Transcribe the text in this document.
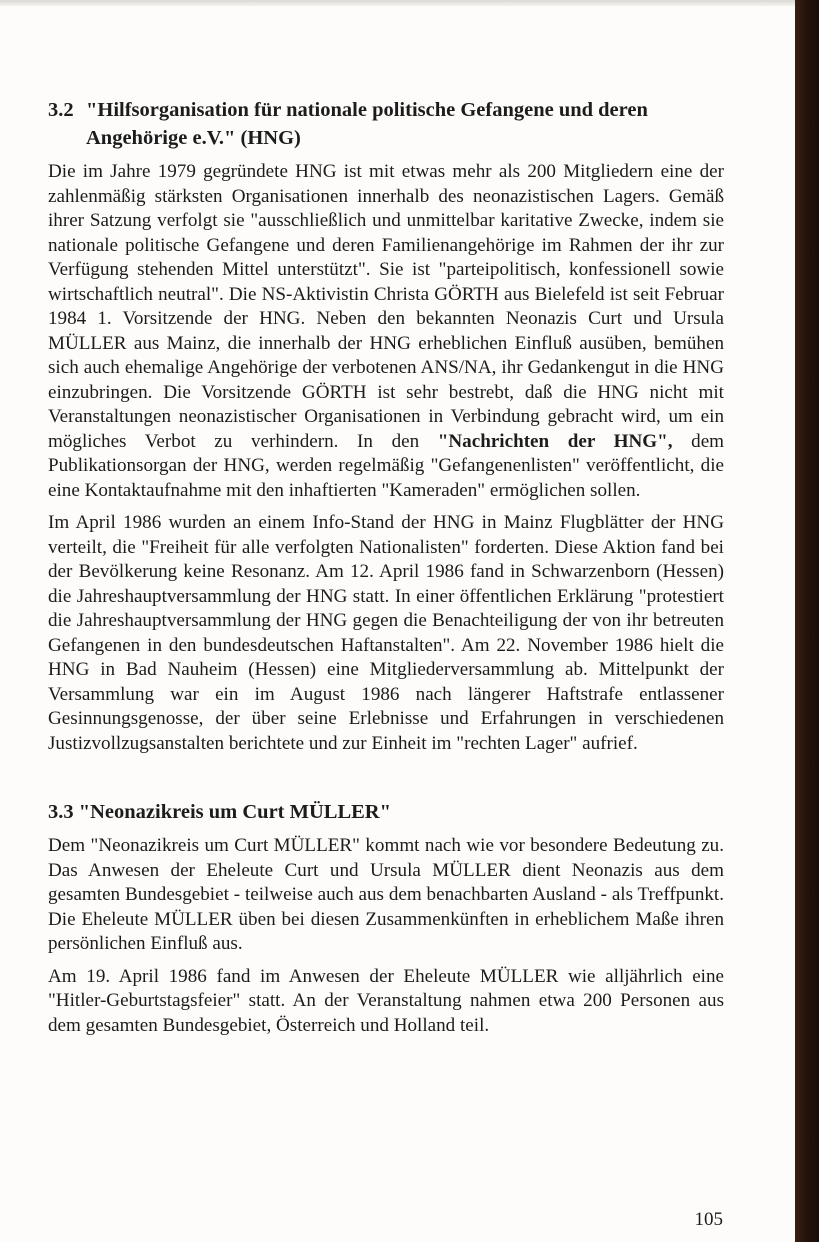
3.2 "Hilfsorganisation für nationale politische Gefangene und deren Angehörige e.V." (HNG)

Die im Jahre 1979 gegründete HNG ist mit etwas mehr als 200 Mitgliedern eine der zahlenmäßig stärksten Organisationen innerhalb des neonazistischen Lagers. Gemäß ihrer Satzung verfolgt sie "ausschließlich und unmittelbar karitative Zwecke, indem sie nationale politische Gefangene und deren Familienangehörige im Rahmen der ihr zur Verfügung stehenden Mittel unterstützt". Sie ist "parteipolitisch, konfessionell sowie wirtschaftlich neutral". Die NS-Aktivistin Christa GÖRTH aus Bielefeld ist seit Februar 1984 1. Vorsitzende der HNG. Neben den bekannten Neonazis Curt und Ursula MÜLLER aus Mainz, die innerhalb der HNG erheblichen Einfluß ausüben, bemühen sich auch ehemalige Angehörige der verbotenen ANS/NA, ihr Gedankengut in die HNG einzubringen. Die Vorsitzende GÖRTH ist sehr bestrebt, daß die HNG nicht mit Veranstaltungen neonazistischer Organisationen in Verbindung gebracht wird, um ein mögliches Verbot zu verhindern. In den "Nachrichten der HNG", dem Publikationsorgan der HNG, werden regelmäßig "Gefangenenlisten" veröffentlicht, die eine Kontaktaufnahme mit den inhaftierten "Kameraden" ermöglichen sollen.

Im April 1986 wurden an einem Info-Stand der HNG in Mainz Flugblätter der HNG verteilt, die "Freiheit für alle verfolgten Nationalisten" forderten. Diese Aktion fand bei der Bevölkerung keine Resonanz. Am 12. April 1986 fand in Schwarzenborn (Hessen) die Jahreshauptversammlung der HNG statt. In einer öffentlichen Erklärung "protestiert die Jahreshauptversammlung der HNG gegen die Benachteiligung der von ihr betreuten Gefangenen in den bundesdeutschen Haftanstalten". Am 22. November 1986 hielt die HNG in Bad Nauheim (Hessen) eine Mitgliederversammlung ab. Mittelpunkt der Versammlung war ein im August 1986 nach längerer Haftstrafe entlassener Gesinnungsgenosse, der über seine Erlebnisse und Erfahrungen in verschiedenen Justizvollzugsanstalten berichtete und zur Einheit im "rechten Lager" aufrief.

3.3 "Neonazikreis um Curt MÜLLER"

Dem "Neonazikreis um Curt MÜLLER" kommt nach wie vor besondere Bedeutung zu. Das Anwesen der Eheleute Curt und Ursula MÜLLER dient Neonazis aus dem gesamten Bundesgebiet - teilweise auch aus dem benachbarten Ausland - als Treffpunkt. Die Eheleute MÜLLER üben bei diesen Zusammenkünften in erheblichem Maße ihren persönlichen Einfluß aus.

Am 19. April 1986 fand im Anwesen der Eheleute MÜLLER wie alljährlich eine "Hitler-Geburtstagsfeier" statt. An der Veranstaltung nahmen etwa 200 Personen aus dem gesamten Bundesgebiet, Österreich und Holland teil.

105
